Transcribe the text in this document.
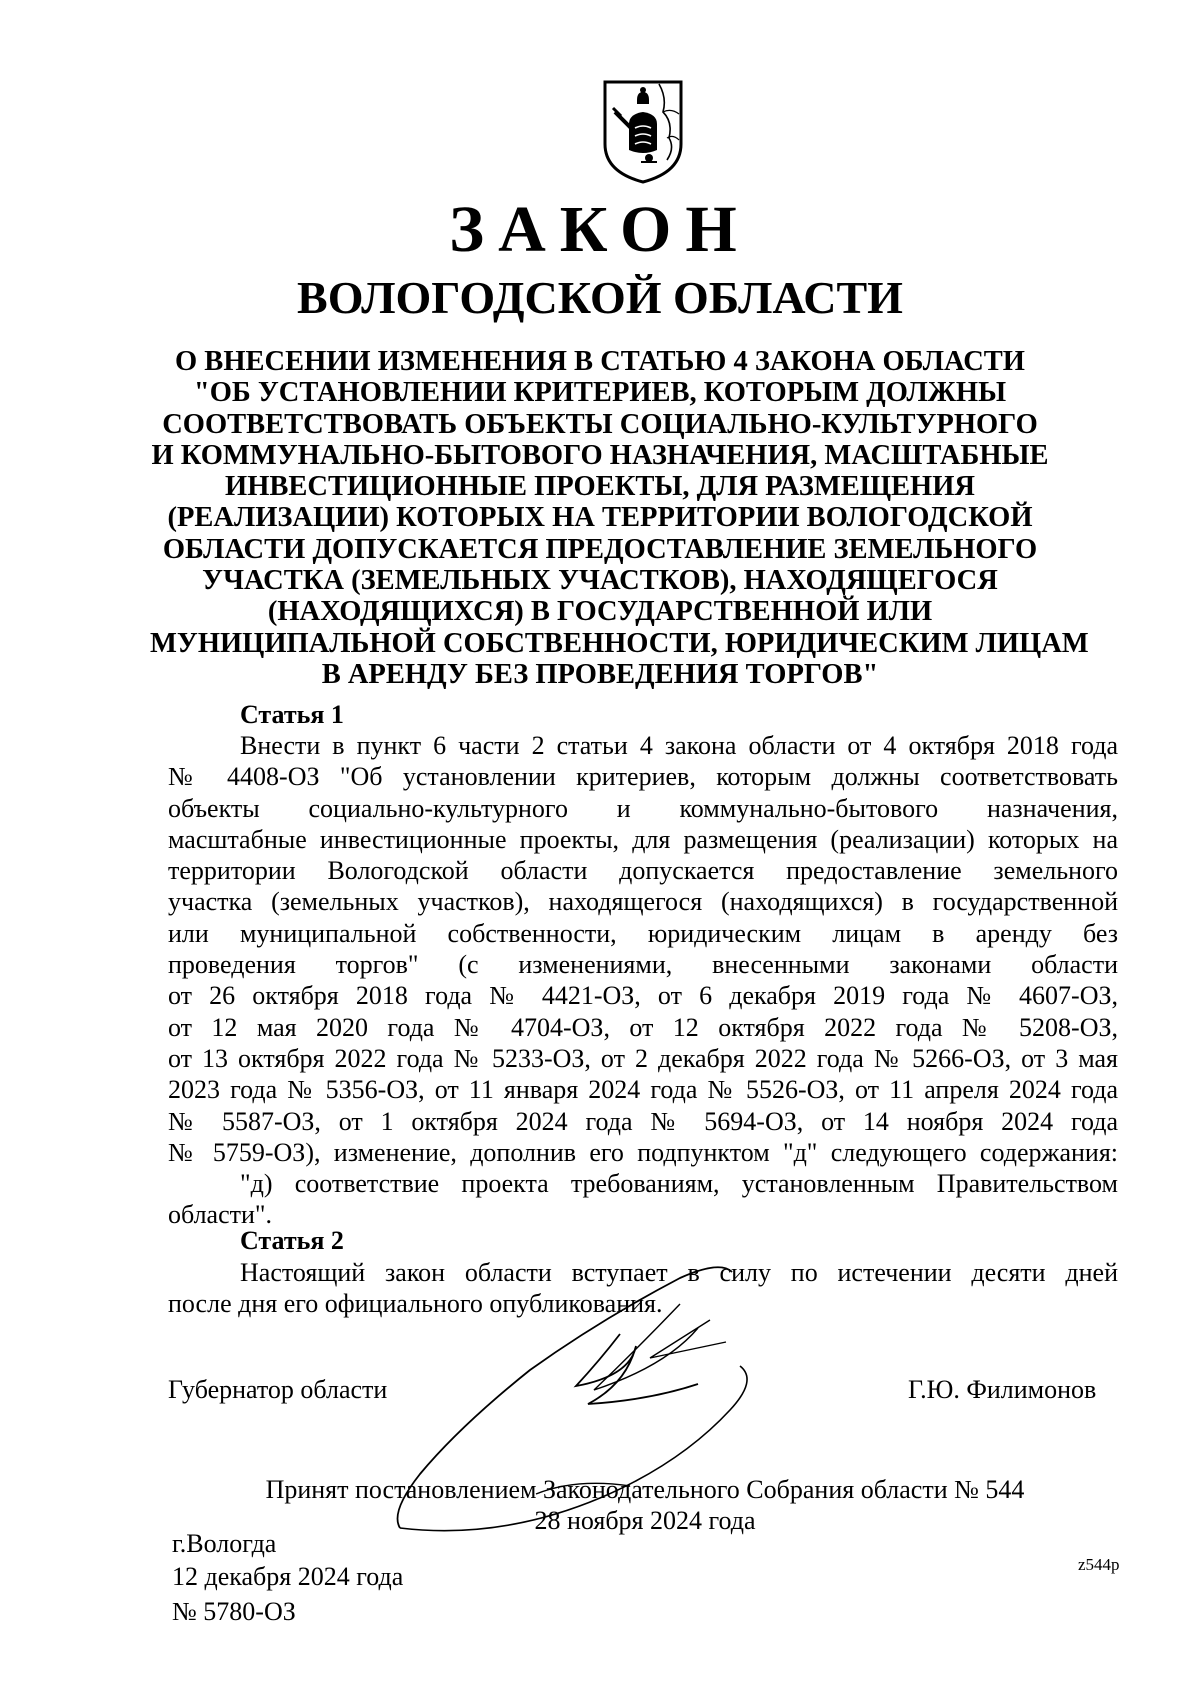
ЗАКОН
ВОЛОГОДСКОЙ ОБЛАСТИ
О ВНЕСЕНИИ ИЗМЕНЕНИЯ В СТАТЬЮ 4 ЗАКОНА ОБЛАСТИ
"ОБ УСТАНОВЛЕНИИ КРИТЕРИЕВ, КОТОРЫМ ДОЛЖНЫ
СООТВЕТСТВОВАТЬ ОБЪЕКТЫ СОЦИАЛЬНО-КУЛЬТУРНОГО
И КОММУНАЛЬНО-БЫТОВОГО НАЗНАЧЕНИЯ, МАСШТАБНЫЕ
ИНВЕСТИЦИОННЫЕ ПРОЕКТЫ, ДЛЯ РАЗМЕЩЕНИЯ
(РЕАЛИЗАЦИИ) КОТОРЫХ НА ТЕРРИТОРИИ ВОЛОГОДСКОЙ
ОБЛАСТИ ДОПУСКАЕТСЯ ПРЕДОСТАВЛЕНИЕ ЗЕМЕЛЬНОГО
УЧАСТКА (ЗЕМЕЛЬНЫХ УЧАСТКОВ), НАХОДЯЩЕГОСЯ
(НАХОДЯЩИХСЯ) В ГОСУДАРСТВЕННОЙ ИЛИ
МУНИЦИПАЛЬНОЙ СОБСТВЕННОСТИ, ЮРИДИЧЕСКИМ ЛИЦАМ
В АРЕНДУ БЕЗ ПРОВЕДЕНИЯ ТОРГОВ"
Статья 1
Внести в пункт 6 части 2 статьи 4 закона области от 4 октября 2018 года
№ 4408-ОЗ "Об установлении критериев, которым должны соответствовать
объекты социально-культурного и коммунально-бытового назначения,
масштабные инвестиционные проекты, для размещения (реализации) которых на
территории Вологодской области допускается предоставление земельного
участка (земельных участков), находящегося (находящихся) в государственной
или муниципальной собственности, юридическим лицам в аренду без
проведения торгов" (с изменениями, внесенными законами области
от 26 октября 2018 года № 4421-ОЗ, от 6 декабря 2019 года № 4607-ОЗ,
от 12 мая 2020 года № 4704-ОЗ, от 12 октября 2022 года № 5208-ОЗ,
от 13 октября 2022 года № 5233-ОЗ, от 2 декабря 2022 года № 5266-ОЗ, от 3 мая
2023 года № 5356-ОЗ, от 11 января 2024 года № 5526-ОЗ, от 11 апреля 2024 года
№ 5587-ОЗ, от 1 октября 2024 года № 5694-ОЗ, от 14 ноября 2024 года
№ 5759-ОЗ), изменение, дополнив его подпунктом "д" следующего содержания:
"д) соответствие проекта требованиям, установленным Правительством
области".
Статья 2
Настоящий закон области вступает в силу по истечении десяти дней
после дня его официального опубликования.
Губернатор области	Г.Ю. Филимонов
Принят постановлением Законодательного Собрания области № 544
28 ноября 2024 года
г.Вологда
12 декабря 2024 года
№ 5780-ОЗ
z544p
